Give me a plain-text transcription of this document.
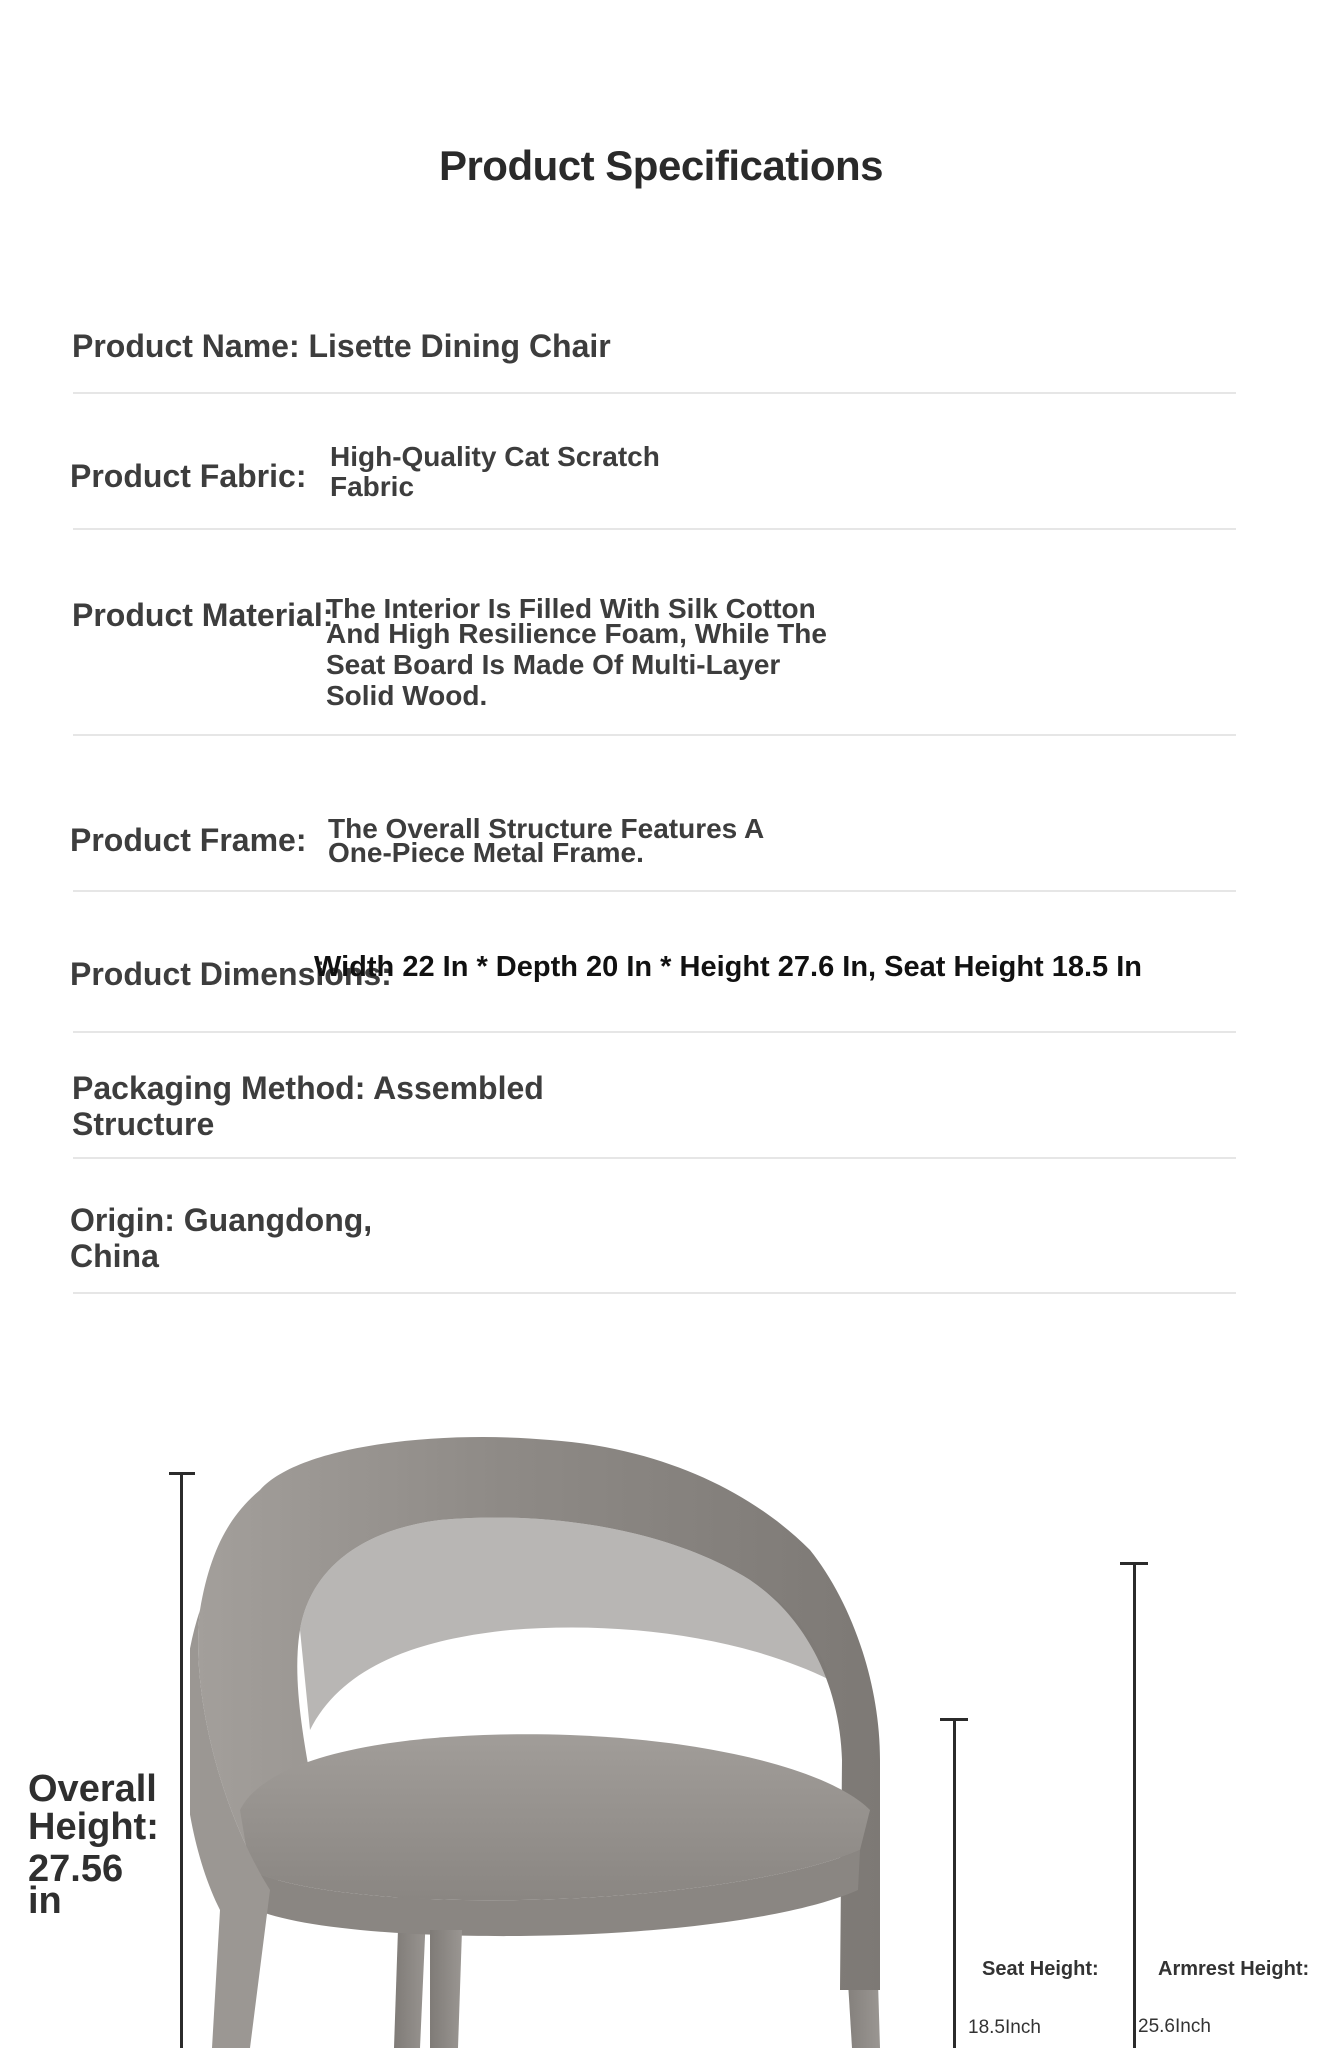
Product Specifications
Product Name: Lisette Dining Chair
Product Fabric:
High-Quality Cat Scratch
Fabric
Product Material:
The Interior Is Filled With Silk Cotton
And High Resilience Foam, While The
Seat Board Is Made Of Multi-Layer
Solid Wood.
Product Frame: The Overall Structure Features A
One-Piece Metal Frame.
Product Dimensions:
Width 22 In * Depth 20 In * Height 27.6 In, Seat Height 18.5 In
Packaging Method: Assembled
Structure
Origin: Guangdong,
China
Overall
Height:
27.56
in
Seat Height:
18.5Inch
Armrest Height:
25.6Inch
